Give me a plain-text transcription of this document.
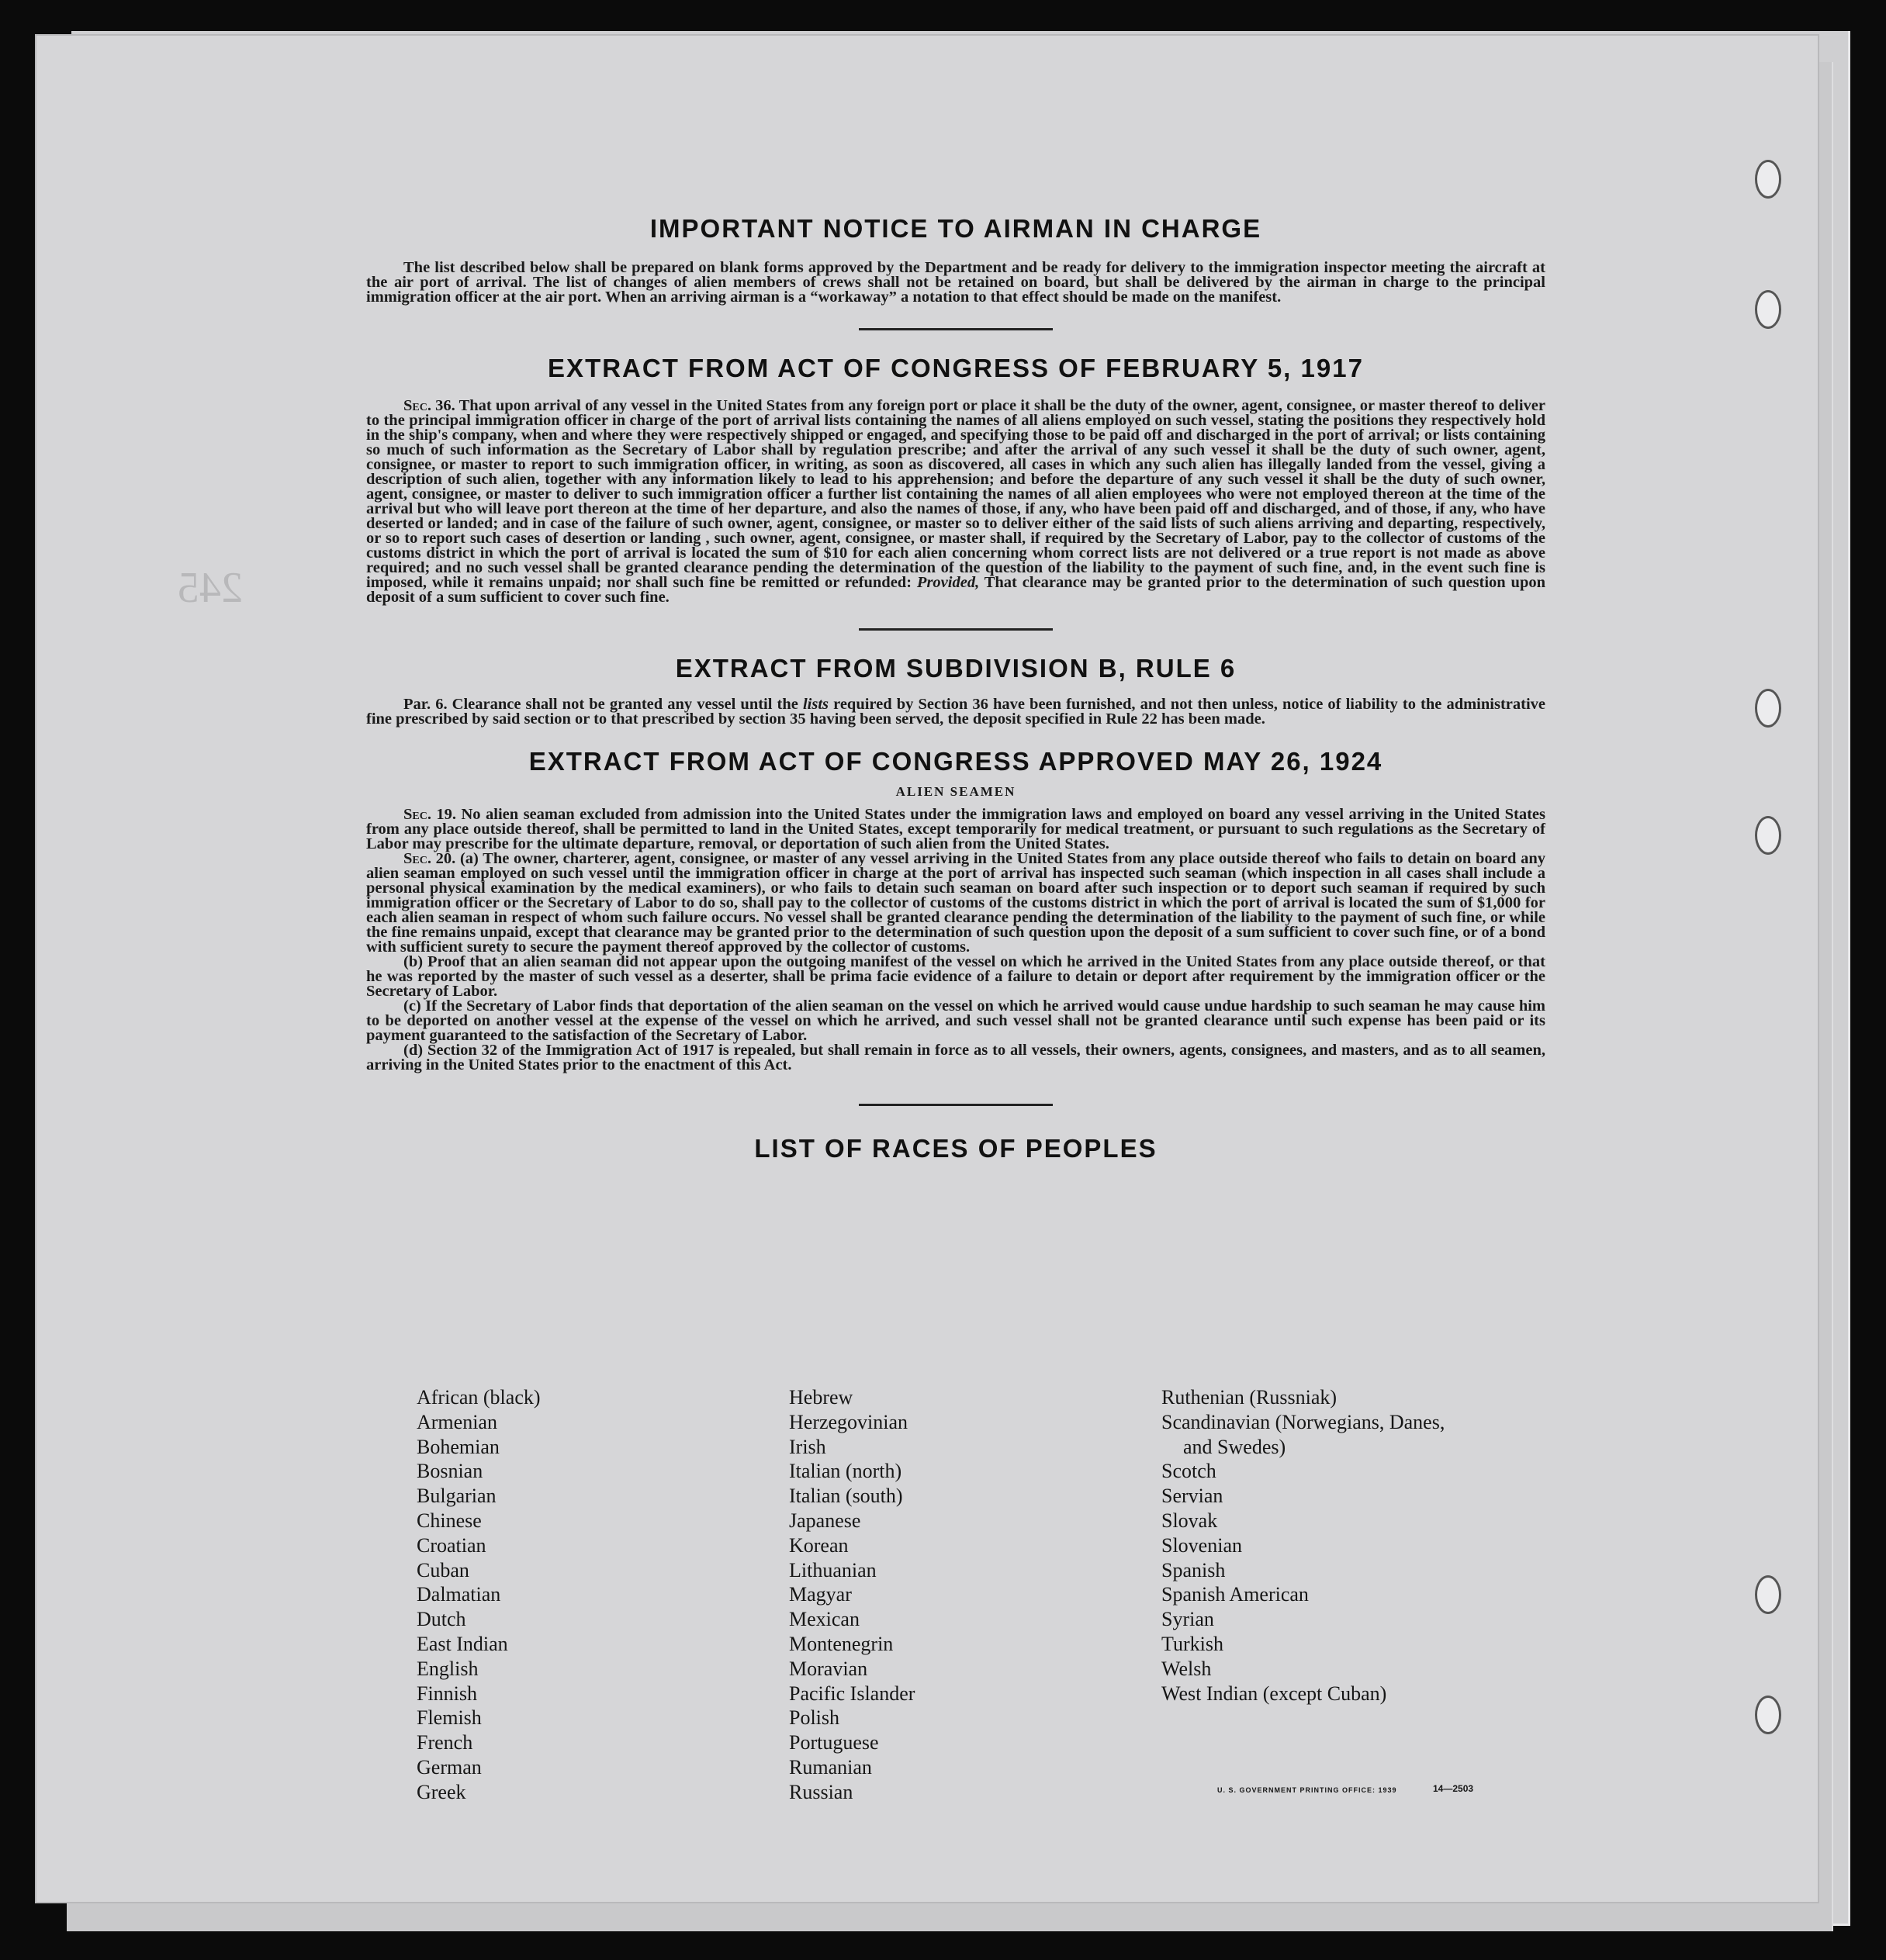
245
IMPORTANT NOTICE TO AIRMAN IN CHARGE

The list described below shall be prepared on blank forms approved by the Department and be ready for delivery to the immigration inspector meeting the aircraft at the air port of arrival. The list of changes of alien members of crews shall not be retained on board, but shall be delivered by the airman in charge to the principal immigration officer at the air port. When an arriving airman is a “workaway” a notation to that effect should be made on the manifest.

EXTRACT FROM ACT OF CONGRESS OF FEBRUARY 5, 1917

Sec. 36. That upon arrival of any vessel in the United States from any foreign port or place it shall be the duty of the owner, agent, consignee, or master thereof to deliver to the principal immigration officer in charge of the port of arrival lists containing the names of all aliens employed on such vessel, stating the positions they respectively hold in the ship's company, when and where they were respectively shipped or engaged, and specifying those to be paid off and discharged in the port of arrival; or lists containing so much of such information as the Secretary of Labor shall by regulation prescribe; and after the arrival of any such vessel it shall be the duty of such owner, agent, consignee, or master to report to such immigration officer, in writing, as soon as discovered, all cases in which any such alien has illegally landed from the vessel, giving a description of such alien, together with any information likely to lead to his apprehension; and before the departure of any such vessel it shall be the duty of such owner, agent, consignee, or master to deliver to such immigration officer a further list containing the names of all alien employees who were not employed thereon at the time of the arrival but who will leave port thereon at the time of her departure, and also the names of those, if any, who have been paid off and discharged, and of those, if any, who have deserted or landed; and in case of the failure of such owner, agent, consignee, or master so to deliver either of the said lists of such aliens arriving and departing, respectively, or so to report such cases of desertion or landing , such owner, agent, consignee, or master shall, if required by the Secretary of Labor, pay to the collector of customs of the customs district in which the port of arrival is located the sum of $10 for each alien concerning whom correct lists are not delivered or a true report is not made as above required; and no such vessel shall be granted clearance pending the determination of the question of the liability to the payment of such fine, and, in the event such fine is imposed, while it remains unpaid; nor shall such fine be remitted or refunded: Provided, That clearance may be granted prior to the determination of such question upon deposit of a sum sufficient to cover such fine.

EXTRACT FROM SUBDIVISION B, RULE 6

Par. 6. Clearance shall not be granted any vessel until the lists required by Section 36 have been furnished, and not then unless, notice of liability to the administrative fine prescribed by said section or to that prescribed by section 35 having been served, the deposit specified in Rule 22 has been made.

EXTRACT FROM ACT OF CONGRESS APPROVED MAY 26, 1924
ALIEN SEAMEN

Sec. 19. No alien seaman excluded from admission into the United States under the immigration laws and employed on board any vessel arriving in the United States from any place outside thereof, shall be permitted to land in the United States, except temporarily for medical treatment, or pursuant to such regulations as the Secretary of Labor may prescribe for the ultimate departure, removal, or deportation of such alien from the United States.

Sec. 20. (a) The owner, charterer, agent, consignee, or master of any vessel arriving in the United States from any place outside thereof who fails to detain on board any alien seaman employed on such vessel until the immigration officer in charge at the port of arrival has inspected such seaman (which inspection in all cases shall include a personal physical examination by the medical examiners), or who fails to detain such seaman on board after such inspection or to deport such seaman if required by such immigration officer or the Secretary of Labor to do so, shall pay to the collector of customs of the customs district in which the port of arrival is located the sum of $1,000 for each alien seaman in respect of whom such failure occurs. No vessel shall be granted clearance pending the determination of the liability to the payment of such fine, or while the fine remains unpaid, except that clearance may be granted prior to the determination of such question upon the deposit of a sum sufficient to cover such fine, or of a bond with sufficient surety to secure the payment thereof approved by the collector of customs.

(b) Proof that an alien seaman did not appear upon the outgoing manifest of the vessel on which he arrived in the United States from any place outside thereof, or that he was reported by the master of such vessel as a deserter, shall be prima facie evidence of a failure to detain or deport after requirement by the immigration officer or the Secretary of Labor.

(c) If the Secretary of Labor finds that deportation of the alien seaman on the vessel on which he arrived would cause undue hardship to such seaman he may cause him to be deported on another vessel at the expense of the vessel on which he arrived, and such vessel shall not be granted clearance until such expense has been paid or its payment guaranteed to the satisfaction of the Secretary of Labor.

(d) Section 32 of the Immigration Act of 1917 is repealed, but shall remain in force as to all vessels, their owners, agents, consignees, and masters, and as to all seamen, arriving in the United States prior to the enactment of this Act.

LIST OF RACES OF PEOPLES
African (black)
Armenian
Bohemian
Bosnian
Bulgarian
Chinese
Croatian
Cuban
Dalmatian
Dutch
East Indian
English
Finnish
Flemish
French
German
Greek
Hebrew
Herzegovinian
Irish
Italian (north)
Italian (south)
Japanese
Korean
Lithuanian
Magyar
Mexican
Montenegrin
Moravian
Pacific Islander
Polish
Portuguese
Rumanian
Russian
Ruthenian (Russniak)
Scandinavian (Norwegians, Danes,
and Swedes)
Scotch
Servian
Slovak
Slovenian
Spanish
Spanish American
Syrian
Turkish
Welsh
West Indian (except Cuban)
U. S. GOVERNMENT PRINTING OFFICE: 1939	14—2503
